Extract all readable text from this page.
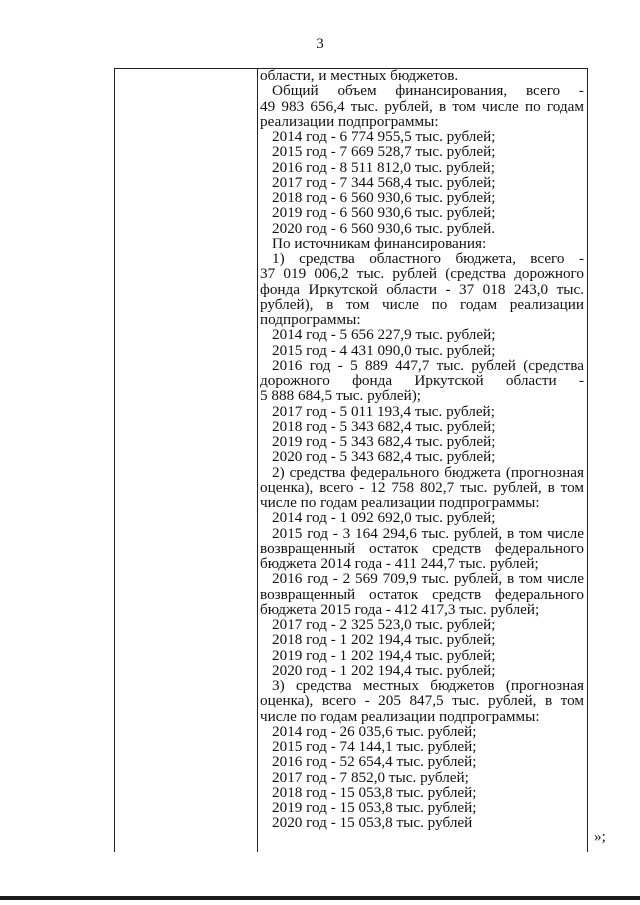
3
области, и местных бюджетов.
Общий объем финансирования, всего -
49 983 656,4 тыс. рублей, в том числе по годам
реализации подпрограммы:
2014 год - 6 774 955,5 тыс. рублей;
2015 год - 7 669 528,7 тыс. рублей;
2016 год - 8 511 812,0 тыс. рублей;
2017 год - 7 344 568,4 тыс. рублей;
2018 год - 6 560 930,6 тыс. рублей;
2019 год - 6 560 930,6 тыс. рублей;
2020 год - 6 560 930,6 тыс. рублей.
По источникам финансирования:
1) средства областного бюджета, всего -
37 019 006,2 тыс. рублей (средства дорожного
фонда Иркутской области - 37 018 243,0 тыс.
рублей), в том числе по годам реализации
подпрограммы:
2014 год - 5 656 227,9 тыс. рублей;
2015 год - 4 431 090,0 тыс. рублей;
2016 год - 5 889 447,7 тыс. рублей (средства
дорожного фонда Иркутской области -
5 888 684,5 тыс. рублей);
2017 год - 5 011 193,4 тыс. рублей;
2018 год - 5 343 682,4 тыс. рублей;
2019 год - 5 343 682,4 тыс. рублей;
2020 год - 5 343 682,4 тыс. рублей;
2) средства федерального бюджета (прогнозная
оценка), всего - 12 758 802,7 тыс. рублей, в том
числе по годам реализации подпрограммы:
2014 год - 1 092 692,0 тыс. рублей;
2015 год - 3 164 294,6 тыс. рублей, в том числе
возвращенный остаток средств федерального
бюджета 2014 года - 411 244,7 тыс. рублей;
2016 год - 2 569 709,9 тыс. рублей, в том числе
возвращенный остаток средств федерального
бюджета 2015 года - 412 417,3 тыс. рублей;
2017 год - 2 325 523,0 тыс. рублей;
2018 год - 1 202 194,4 тыс. рублей;
2019 год - 1 202 194,4 тыс. рублей;
2020 год - 1 202 194,4 тыс. рублей;
3) средства местных бюджетов (прогнозная
оценка), всего - 205 847,5 тыс. рублей, в том
числе по годам реализации подпрограммы:
2014 год - 26 035,6 тыс. рублей;
2015 год - 74 144,1 тыс. рублей;
2016 год - 52 654,4 тыс. рублей;
2017 год - 7 852,0 тыс. рублей;
2018 год - 15 053,8 тыс. рублей;
2019 год - 15 053,8 тыс. рублей;
2020 год - 15 053,8 тыс. рублей
»;
